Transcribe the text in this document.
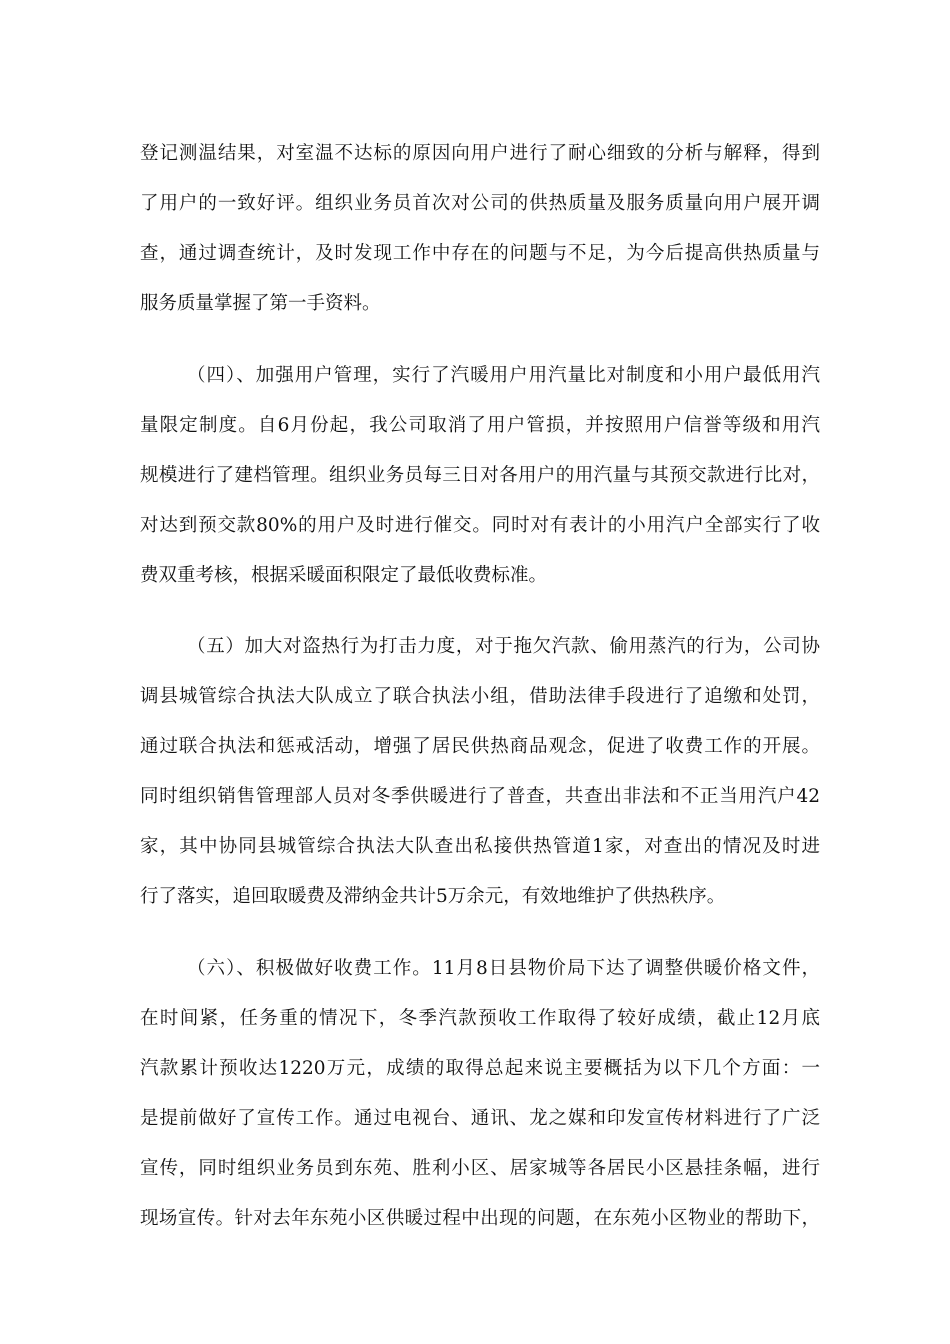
登记测温结果，对室温不达标的原因向用户进行了耐心细致的分析与解释，得到
了用户的一致好评。组织业务员首次对公司的供热质量及服务质量向用户展开调
查，通过调查统计，及时发现工作中存在的问题与不足，为今后提高供热质量与
服务质量掌握了第一手资料。
（四）、加强用户管理，实行了汽暖用户用汽量比对制度和小用户最低用汽
量限定制度。自6月份起，我公司取消了用户管损，并按照用户信誉等级和用汽
规模进行了建档管理。组织业务员每三日对各用户的用汽量与其预交款进行比对，
对达到预交款80%的用户及时进行催交。同时对有表计的小用汽户全部实行了收
费双重考核，根据采暖面积限定了最低收费标准。
（五）加大对盗热行为打击力度，对于拖欠汽款、偷用蒸汽的行为，公司协
调县城管综合执法大队成立了联合执法小组，借助法律手段进行了追缴和处罚，
通过联合执法和惩戒活动，增强了居民供热商品观念，促进了收费工作的开展。
同时组织销售管理部人员对冬季供暖进行了普查，共查出非法和不正当用汽户42
家，其中协同县城管综合执法大队查出私接供热管道1家，对查出的情况及时进
行了落实，追回取暖费及滞纳金共计5万余元，有效地维护了供热秩序。
（六）、积极做好收费工作。11月8日县物价局下达了调整供暖价格文件，
在时间紧，任务重的情况下，冬季汽款预收工作取得了较好成绩，截止12月底
汽款累计预收达1220万元，成绩的取得总起来说主要概括为以下几个方面：一
是提前做好了宣传工作。通过电视台、通讯、龙之媒和印发宣传材料进行了广泛
宣传，同时组织业务员到东苑、胜利小区、居家城等各居民小区悬挂条幅，进行
现场宣传。针对去年东苑小区供暖过程中出现的问题，在东苑小区物业的帮助下，
